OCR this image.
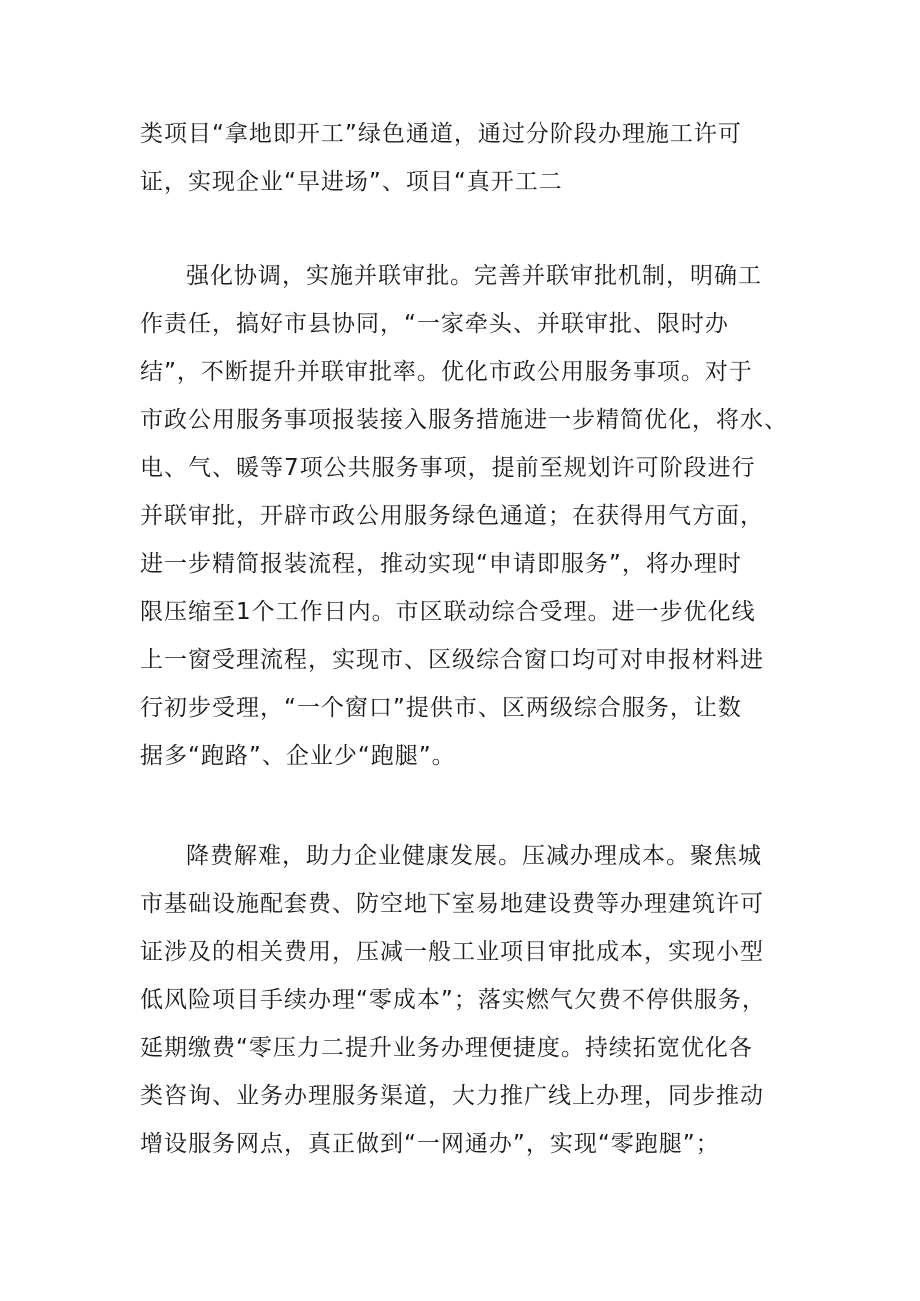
类项目“拿地即开工”绿色通道，通过分阶段办理施工许可
证，实现企业“早进场”、项目“真开工二
强化协调，实施并联审批。完善并联审批机制，明确工
作责任，搞好市县协同，“一家牵头、并联审批、限时办
结”，不断提升并联审批率。优化市政公用服务事项。对于
市政公用服务事项报装接入服务措施进一步精简优化，将水、
电、气、暖等7项公共服务事项，提前至规划许可阶段进行
并联审批，开辟市政公用服务绿色通道；在获得用气方面，
进一步精简报装流程，推动实现“申请即服务”，将办理时
限压缩至1个工作日内。市区联动综合受理。进一步优化线
上一窗受理流程，实现市、区级综合窗口均可对申报材料进
行初步受理，“一个窗口”提供市、区两级综合服务，让数
据多“跑路”、企业少“跑腿”。
降费解难，助力企业健康发展。压减办理成本。聚焦城
市基础设施配套费、防空地下室易地建设费等办理建筑许可
证涉及的相关费用，压减一般工业项目审批成本，实现小型
低风险项目手续办理“零成本”；落实燃气欠费不停供服务，
延期缴费“零压力二提升业务办理便捷度。持续拓宽优化各
类咨询、业务办理服务渠道，大力推广线上办理，同步推动
增设服务网点，真正做到“一网通办”，实现“零跑腿”；
